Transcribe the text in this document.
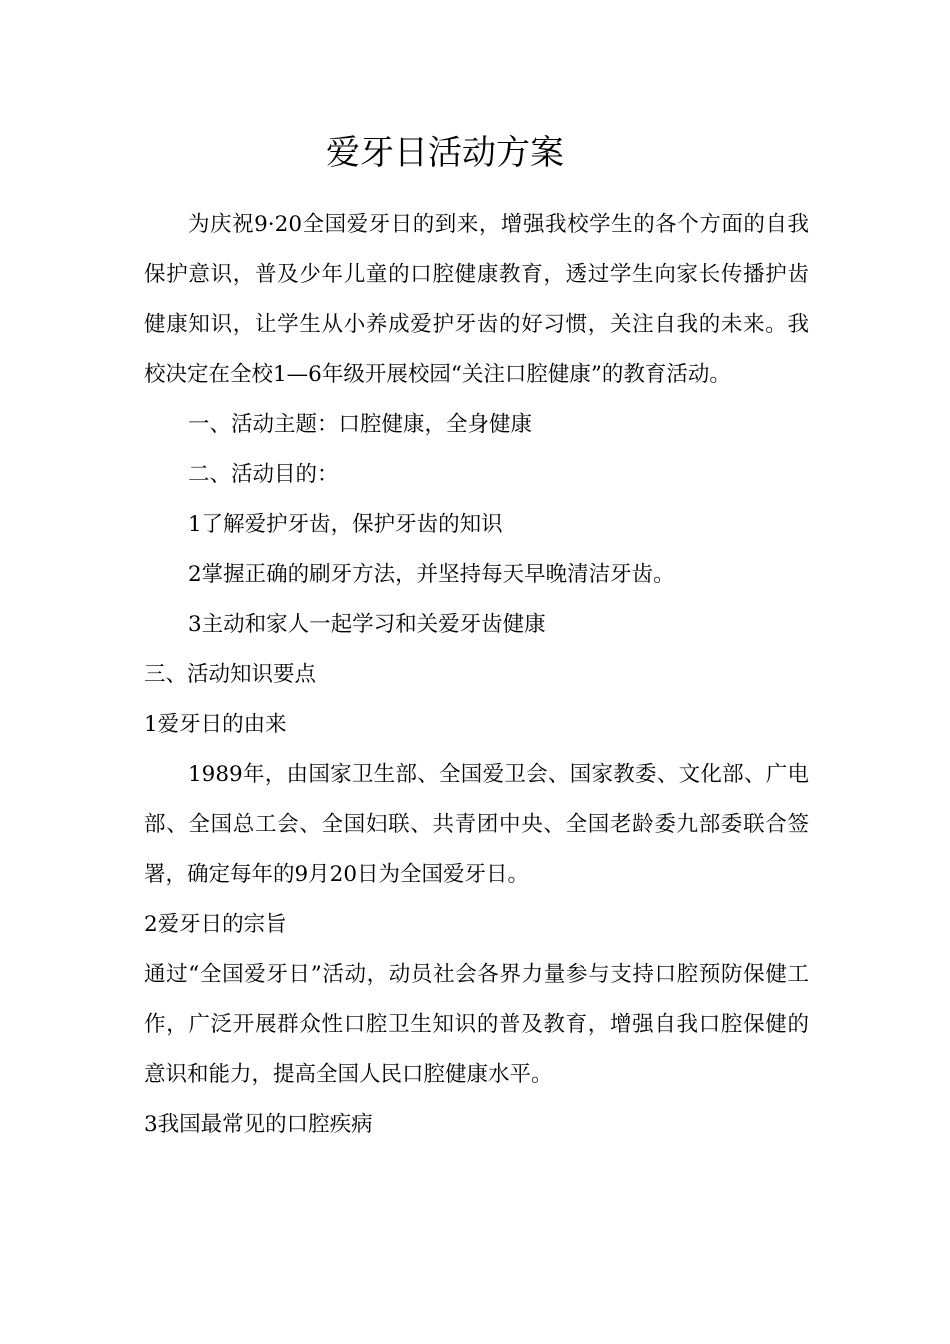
爱牙日活动方案

为庆祝9·20全国爱牙日的到来，增强我校学生的各个方面的自我保护意识，普及少年儿童的口腔健康教育，透过学生向家长传播护齿健康知识，让学生从小养成爱护牙齿的好习惯，关注自我的未来。我校决定在全校1—6年级开展校园“关注口腔健康”的教育活动。

一、活动主题：口腔健康，全身健康

二、活动目的：

1了解爱护牙齿，保护牙齿的知识

2掌握正确的刷牙方法，并坚持每天早晚清洁牙齿。

3主动和家人一起学习和关爱牙齿健康

三、活动知识要点

1爱牙日的由来

1989年，由国家卫生部、全国爱卫会、国家教委、文化部、广电部、全国总工会、全国妇联、共青团中央、全国老龄委九部委联合签署，确定每年的9月20日为全国爱牙日。

2爱牙日的宗旨

通过“全国爱牙日”活动，动员社会各界力量参与支持口腔预防保健工作，广泛开展群众性口腔卫生知识的普及教育，增强自我口腔保健的意识和能力，提高全国人民口腔健康水平。

3我国最常见的口腔疾病
